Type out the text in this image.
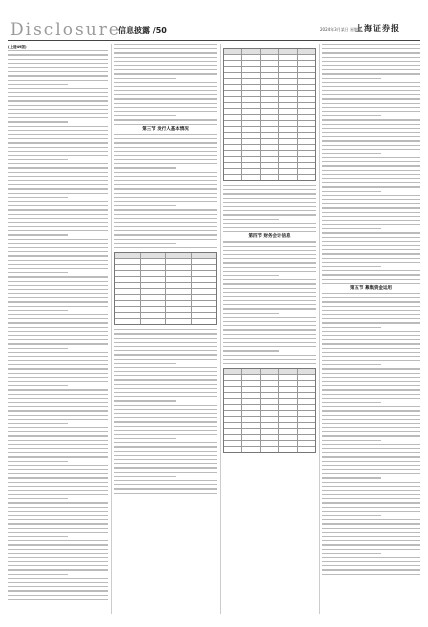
Disclosure
信息披露 /50	2024年3月某日 星期某
上海证券报

(上接49版)

第三节 发行人基本情况

第四节 财务会计信息

第五节 募集资金运用
